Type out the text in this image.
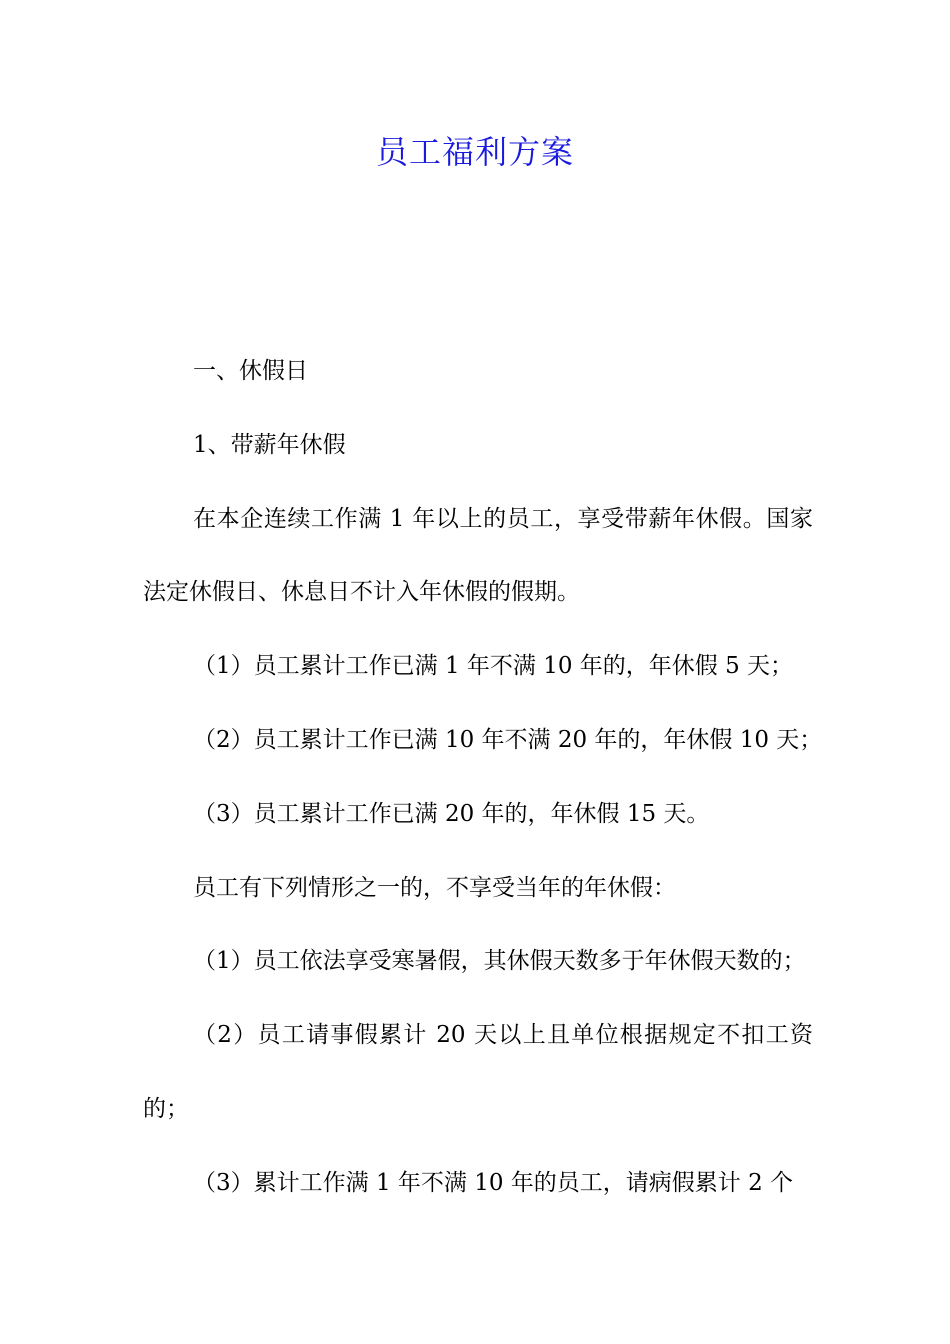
员工福利方案
一、休假日
1、带薪年休假
在本企连续工作满 1 年以上的员工，享受带薪年休假。国家法定休假日、休息日不计入年休假的假期。
（1）员工累计工作已满 1 年不满 10 年的，年休假 5 天；
（2）员工累计工作已满 10 年不满 20 年的，年休假 10 天；
（3）员工累计工作已满 20 年的，年休假 15 天。
员工有下列情形之一的，不享受当年的年休假：
（1）员工依法享受寒暑假，其休假天数多于年休假天数的；
（2）员工请事假累计 20 天以上且单位根据规定不扣工资的；
（3）累计工作满 1 年不满 10 年的员工，请病假累计 2 个
